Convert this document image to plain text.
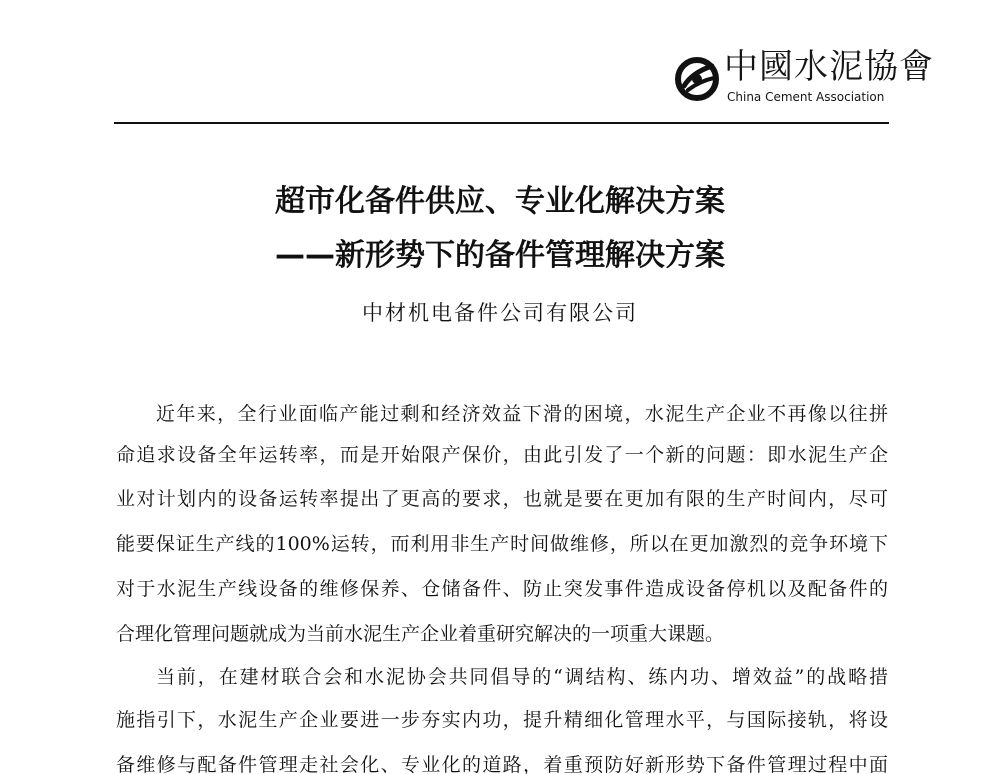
中國水泥協會
China Cement Association
超市化备件供应、专业化解决方案
——新形势下的备件管理解决方案
中材机电备件公司有限公司
近年来，全行业面临产能过剩和经济效益下滑的困境，水泥生产企业不再像以往拼
命追求设备全年运转率，而是开始限产保价，由此引发了一个新的问题：即水泥生产企
业对计划内的设备运转率提出了更高的要求，也就是要在更加有限的生产时间内，尽可
能要保证生产线的100%运转，而利用非生产时间做维修，所以在更加激烈的竞争环境下
对于水泥生产线设备的维修保养、仓储备件、防止突发事件造成设备停机以及配备件的
合理化管理问题就成为当前水泥生产企业着重研究解决的一项重大课题。
当前，在建材联合会和水泥协会共同倡导的“调结构、练内功、增效益”的战略措
施指引下，水泥生产企业要进一步夯实内功，提升精细化管理水平，与国际接轨，将设
备维修与配备件管理走社会化、专业化的道路，着重预防好新形势下备件管理过程中面
